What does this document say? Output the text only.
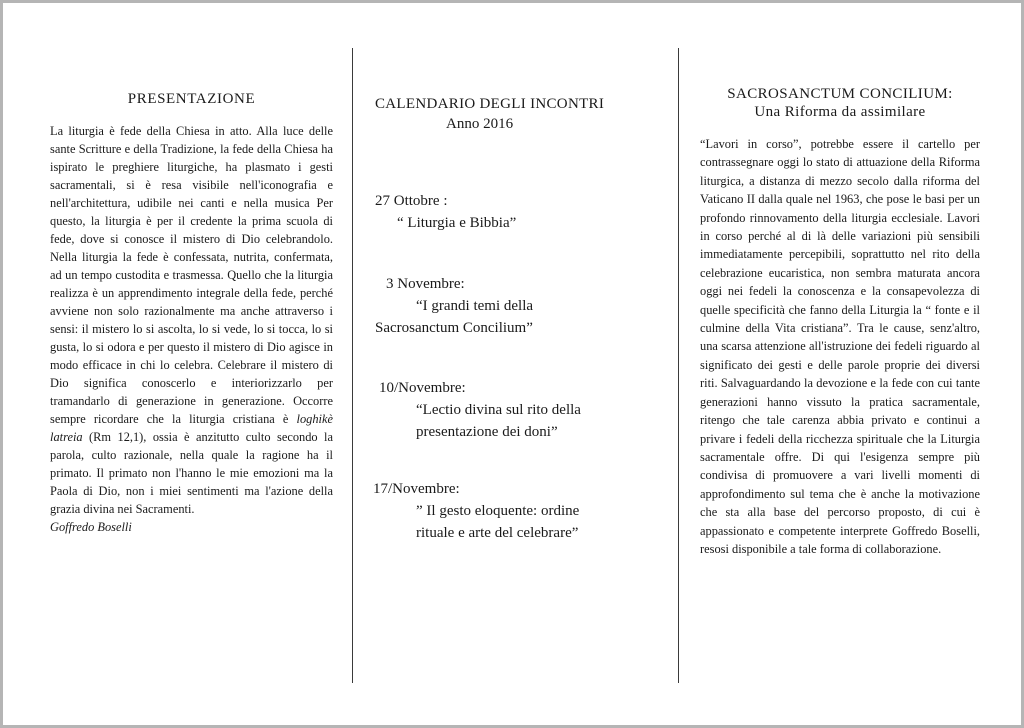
PRESENTAZIONE

La liturgia è fede della Chiesa in atto. Alla luce delle sante Scritture e della Tradizione, la fede della Chiesa ha ispirato le preghiere liturgiche, ha plasmato i gesti sacramentali, si è resa visibile nell'iconografia e nell'architettura, udibile nei canti e nella musica Per questo, la liturgia è per il credente la prima scuola di fede, dove si conosce il mistero di Dio celebrandolo. Nella liturgia la fede è confessata, nutrita, confermata, ad un tempo custodita e trasmessa. Quello che la liturgia realizza è un apprendimento integrale della fede, perché avviene non solo razionalmente ma anche attraverso i sensi: il mistero lo si ascolta, lo si vede, lo si tocca, lo si gusta, lo si odora e per questo il mistero di Dio agisce in modo efficace in chi lo celebra. Celebrare il mistero di Dio significa conoscerlo e interiorizzarlo per tramandarlo di generazione in generazione. Occorre sempre ricordare che la liturgia cristiana è loghikè latreia (Rm 12,1), ossia è anzitutto culto secondo la parola, culto razionale, nella quale la ragione ha il primato. Il primato non l'hanno le mie emozioni ma la Paola di Dio, non i miei sentimenti ma l'azione della grazia divina nei Sacramenti.

Goffredo Boselli
CALENDARIO DEGLI INCONTRI
Anno 2016
27 Ottobre :
“ Liturgia e Bibbia”
3 Novembre:
“I grandi temi della
Sacrosanctum Concilium”
10/Novembre:
“Lectio divina sul rito della
presentazione dei doni”
17/Novembre:
” Il gesto eloquente: ordine
rituale e arte del celebrare”
SACROSANCTUM CONCILIUM:
Una Riforma da assimilare

“Lavori in corso”, potrebbe essere il cartello per contrassegnare oggi lo stato di attuazione della Riforma liturgica, a distanza di mezzo secolo dalla riforma del Vaticano II dalla quale nel 1963, che pose le basi per un profondo rinnovamento della liturgia ecclesiale. Lavori in corso perché al di là delle variazioni più sensibili immediatamente percepibili, soprattutto nel rito della celebrazione eucaristica, non sembra maturata ancora oggi nei fedeli la conoscenza e la consapevolezza di quelle specificità che fanno della Liturgia la “ fonte e il culmine della Vita cristiana”. Tra le cause, senz'altro, una scarsa attenzione all'istruzione dei fedeli riguardo al significato dei gesti e delle parole proprie dei diversi riti. Salvaguardando la devozione e la fede con cui tante generazioni hanno vissuto la pratica sacramentale, ritengo che tale carenza abbia privato e continui a privare i fedeli della ricchezza spirituale che la Liturgia sacramentale offre. Di qui l'esigenza sempre più condivisa di promuovere a vari livelli momenti di approfondimento sul tema che è anche la motivazione che sta alla base del percorso proposto, di cui è appassionato e competente interprete Goffredo Boselli, resosi disponibile a tale forma di collaborazione.
